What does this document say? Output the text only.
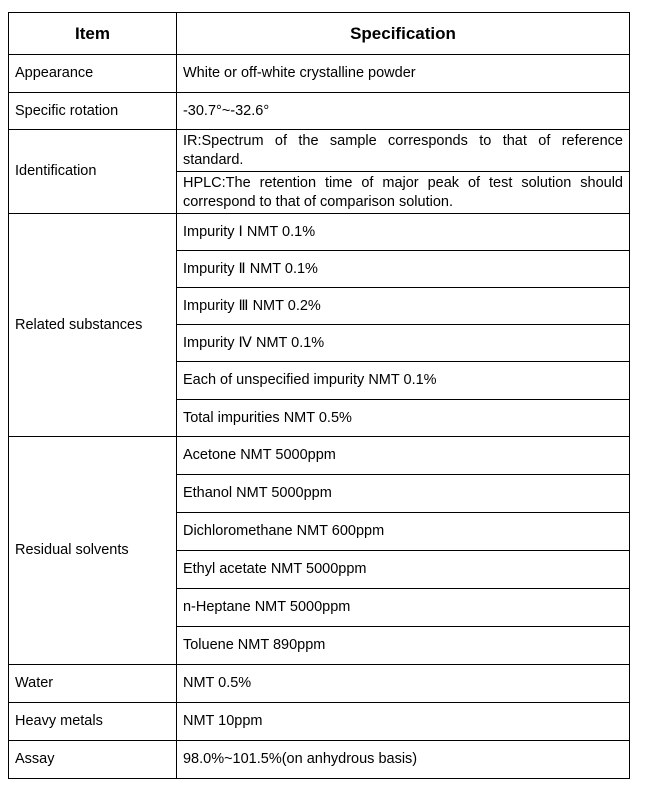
Item	Specification
Appearance	White or off-white crystalline powder
Specific rotation	-30.7°~-32.6°
Identification	IR:Spectrum of the sample corresponds to that of reference standard.
	HPLC:The retention time of major peak of test solution should correspond to that of comparison solution.
Related substances	Impurity Ⅰ NMT 0.1%
	Impurity Ⅱ NMT 0.1%
	Impurity Ⅲ NMT 0.2%
	Impurity Ⅳ NMT 0.1%
	Each of unspecified impurity NMT 0.1%
	Total impurities NMT 0.5%
Residual solvents	Acetone NMT 5000ppm
	Ethanol NMT 5000ppm
	Dichloromethane NMT 600ppm
	Ethyl acetate NMT 5000ppm
	n-Heptane NMT 5000ppm
	Toluene NMT 890ppm
Water	NMT 0.5%
Heavy metals	NMT 10ppm
Assay	98.0%~101.5%(on anhydrous basis)
